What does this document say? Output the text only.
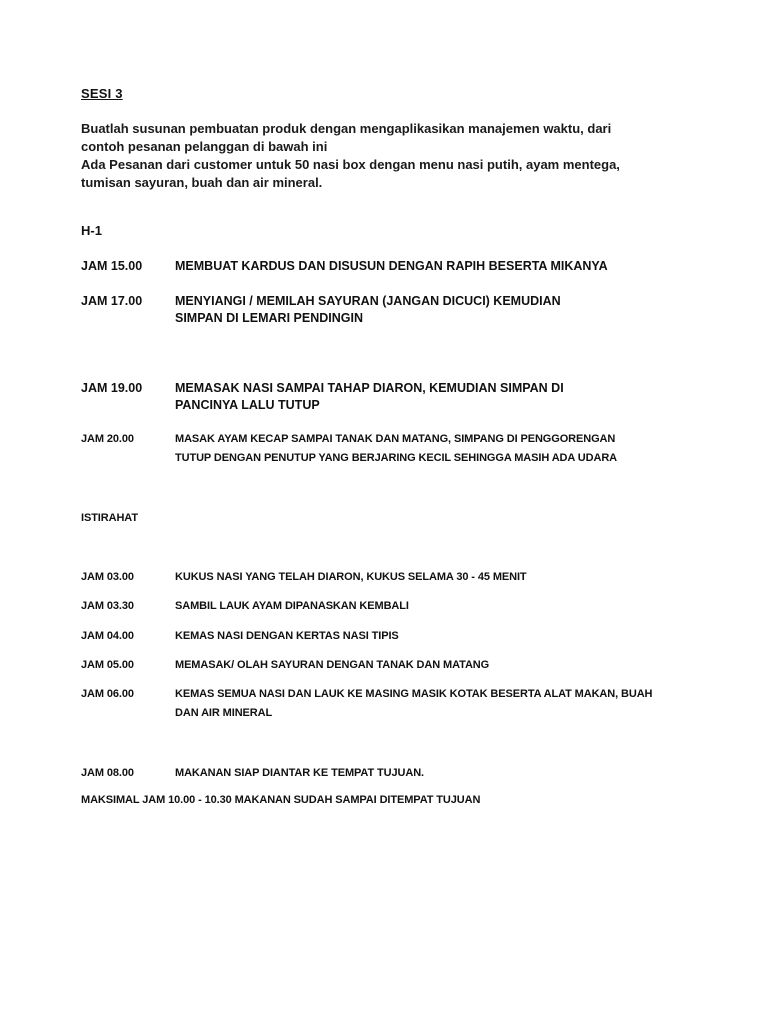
SESI 3
Buatlah susunan pembuatan produk dengan mengaplikasikan manajemen waktu, dari
contoh pesanan pelanggan di bawah ini
Ada Pesanan dari customer untuk 50 nasi box dengan menu nasi putih, ayam mentega,
tumisan sayuran, buah dan air mineral.
H-1
JAM 15.00	MEMBUAT KARDUS DAN DISUSUN DENGAN RAPIH BESERTA MIKANYA
JAM 17.00	MENYIANGI / MEMILAH SAYURAN (JANGAN DICUCI) KEMUDIAN
SIMPAN DI LEMARI PENDINGIN
JAM 19.00	MEMASAK NASI SAMPAI TAHAP DIARON, KEMUDIAN SIMPAN DI
PANCINYA LALU TUTUP
JAM 20.00	MASAK AYAM KECAP SAMPAI TANAK DAN MATANG, SIMPANG DI PENGGORENGAN
TUTUP DENGAN PENUTUP YANG BERJARING KECIL SEHINGGA MASIH ADA UDARA
ISTIRAHAT
JAM 03.00	KUKUS NASI YANG TELAH DIARON, KUKUS SELAMA 30 - 45 MENIT
JAM 03.30	SAMBIL LAUK AYAM DIPANASKAN KEMBALI
JAM 04.00	KEMAS NASI DENGAN KERTAS NASI TIPIS
JAM 05.00	MEMASAK/ OLAH SAYURAN DENGAN TANAK DAN MATANG
JAM 06.00	KEMAS SEMUA NASI DAN LAUK KE MASING MASIK KOTAK BESERTA ALAT MAKAN, BUAH
DAN AIR MINERAL
JAM 08.00	MAKANAN SIAP DIANTAR KE TEMPAT TUJUAN.
MAKSIMAL JAM 10.00 - 10.30 MAKANAN SUDAH SAMPAI DITEMPAT TUJUAN
